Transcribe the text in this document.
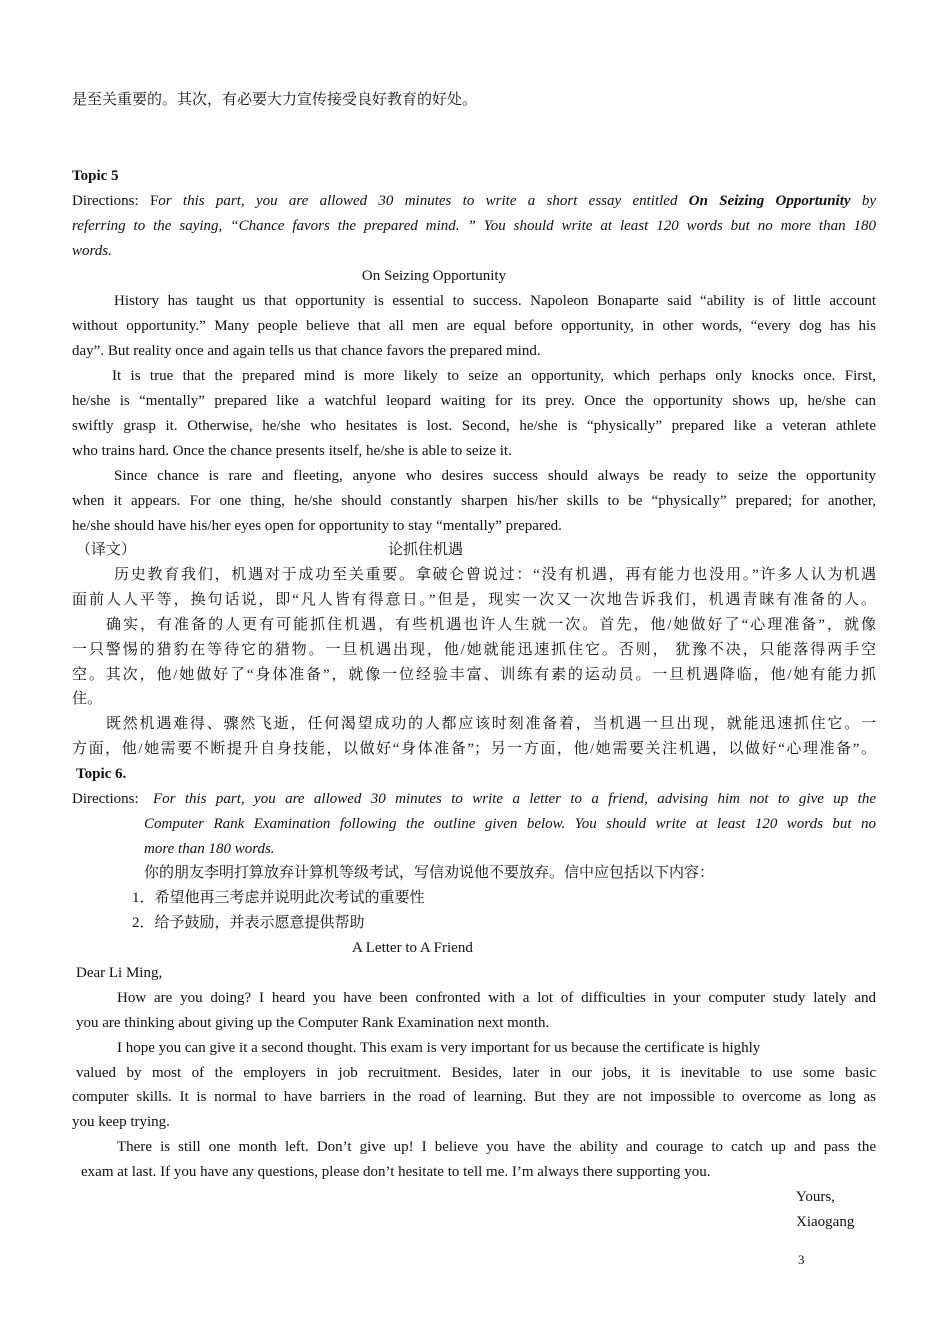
是至关重要的。其次，有必要大力宣传接受良好教育的好处。
Topic 5
Directions: For this part, you are allowed 30 minutes to write a short essay entitled On Seizing Opportunity by
referring to the saying, “Chance favors the prepared mind. ” You should write at least 120 words but no more than 180
words.
On Seizing Opportunity
History has taught us that opportunity is essential to success. Napoleon Bonaparte said “ability is of little account
without opportunity.” Many people believe that all men are equal before opportunity, in other words, “every dog has his
day”. But reality once and again tells us that chance favors the prepared mind.
It is true that the prepared mind is more likely to seize an opportunity, which perhaps only knocks once. First,
he/she is “mentally” prepared like a watchful leopard waiting for its prey. Once the opportunity shows up, he/she can
swiftly grasp it. Otherwise, he/she who hesitates is lost. Second, he/she is “physically” prepared like a veteran athlete
who trains hard. Once the chance presents itself, he/she is able to seize it.
Since chance is rare and fleeting, anyone who desires success should always be ready to seize the opportunity
when it appears. For one thing, he/she should constantly sharpen his/her skills to be “physically” prepared; for another,
he/she should have his/her eyes open for opportunity to stay “mentally” prepared.
（译文）	论抓住机遇
历史教育我们，机遇对于成功至关重要。拿破仑曾说过：“没有机遇，再有能力也没用。”许多人认为机遇
面前人人平等，换句话说，即“凡人皆有得意日。”但是，现实一次又一次地告诉我们，机遇青睐有准备的人。
确实，有准备的人更有可能抓住机遇，有些机遇也许人生就一次。首先，他/她做好了“心理准备”，就像
一只警惕的猎豹在等待它的猎物。一旦机遇出现，他/她就能迅速抓住它。否则， 犹豫不决，只能落得两手空
空。其次，他/她做好了“身体准备”，就像一位经验丰富、训练有素的运动员。一旦机遇降临，他/她有能力抓
住。
既然机遇难得、骤然飞逝，任何渴望成功的人都应该时刻准备着，当机遇一旦出现，就能迅速抓住它。一
方面，他/她需要不断提升自身技能，以做好“身体准备”；另一方面，他/她需要关注机遇，以做好“心理准备”。
Topic 6.
Directions: For this part, you are allowed 30 minutes to write a letter to a friend, advising him not to give up the
Computer Rank Examination following the outline given below. You should write at least 120 words but no
more than 180 words.
你的朋友李明打算放弃计算机等级考试，写信劝说他不要放弃。信中应包括以下内容：
1．希望他再三考虑并说明此次考试的重要性
2．给予鼓励，并表示愿意提供帮助
A Letter to A Friend
Dear Li Ming,
How are you doing? I heard you have been confronted with a lot of difficulties in your computer study lately and
you are thinking about giving up the Computer Rank Examination next month.
I hope you can give it a second thought. This exam is very important for us because the certificate is highly
valued by most of the employers in job recruitment. Besides, later in our jobs, it is inevitable to use some basic
computer skills. It is normal to have barriers in the road of learning. But they are not impossible to overcome as long as
you keep trying.
There is still one month left. Don’t give up! I believe you have the ability and courage to catch up and pass the
exam at last. If you have any questions, please don’t hesitate to tell me. I’m always there supporting you.
Yours,
Xiaogang
3
